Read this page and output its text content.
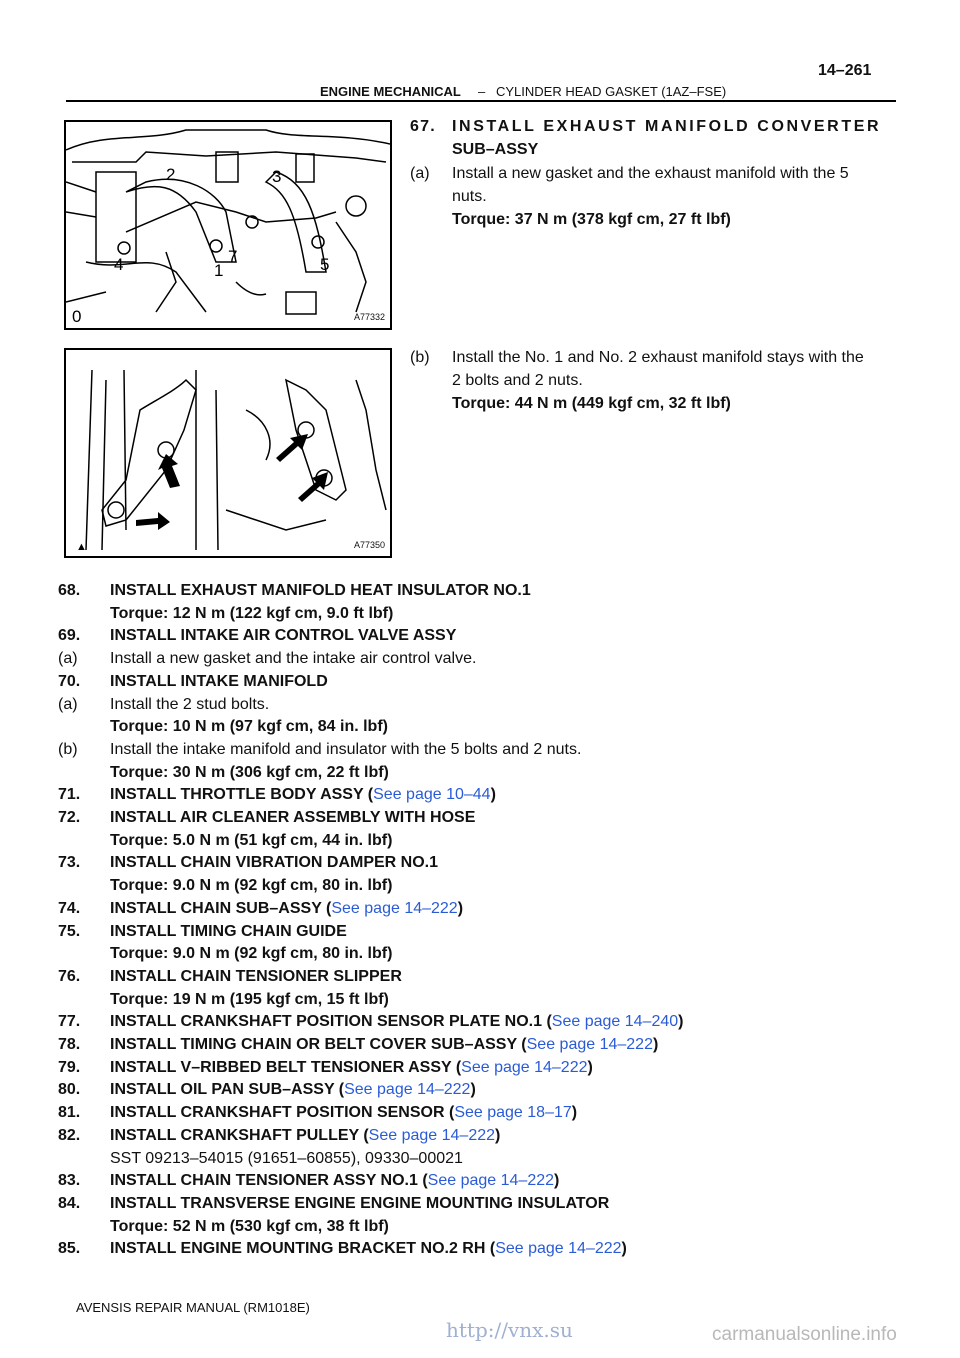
14–261
ENGINE MECHANICAL – CYLINDER HEAD GASKET (1AZ–FSE)
2	3
7
4	1	5
0	A77332
▲	A77350
67. INSTALL EXHAUST MANIFOLD CONVERTER
SUB–ASSY
(a) Install a new gasket and the exhaust manifold with the 5
nuts.
Torque: 37 N m (378 kgf cm, 27 ft lbf)
(b) Install the No. 1 and No. 2 exhaust manifold stays with the
2 bolts and 2 nuts.
Torque: 44 N m (449 kgf cm, 32 ft lbf)
68. INSTALL EXHAUST MANIFOLD HEAT INSULATOR NO.1
Torque: 12 N m (122 kgf cm, 9.0 ft lbf)
69. INSTALL INTAKE AIR CONTROL VALVE ASSY
(a) Install a new gasket and the intake air control valve.
70. INSTALL INTAKE MANIFOLD
(a) Install the 2 stud bolts.
Torque: 10 N m (97 kgf cm, 84 in. lbf)
(b) Install the intake manifold and insulator with the 5 bolts and 2 nuts.
Torque: 30 N m (306 kgf cm, 22 ft lbf)
71. INSTALL THROTTLE BODY ASSY (See page 10–44)
72. INSTALL AIR CLEANER ASSEMBLY WITH HOSE
Torque: 5.0 N m (51 kgf cm, 44 in. lbf)
73. INSTALL CHAIN VIBRATION DAMPER NO.1
Torque: 9.0 N m (92 kgf cm, 80 in. lbf)
74. INSTALL CHAIN SUB–ASSY (See page 14–222)
75. INSTALL TIMING CHAIN GUIDE
Torque: 9.0 N m (92 kgf cm, 80 in. lbf)
76. INSTALL CHAIN TENSIONER SLIPPER
Torque: 19 N m (195 kgf cm, 15 ft lbf)
77. INSTALL CRANKSHAFT POSITION SENSOR PLATE NO.1 (See page 14–240)
78. INSTALL TIMING CHAIN OR BELT COVER SUB–ASSY (See page 14–222)
79. INSTALL V–RIBBED BELT TENSIONER ASSY (See page 14–222)
80. INSTALL OIL PAN SUB–ASSY (See page 14–222)
81. INSTALL CRANKSHAFT POSITION SENSOR (See page 18–17)
82. INSTALL CRANKSHAFT PULLEY (See page 14–222)
SST 09213–54015 (91651–60855), 09330–00021
83. INSTALL CHAIN TENSIONER ASSY NO.1 (See page 14–222)
84. INSTALL TRANSVERSE ENGINE ENGINE MOUNTING INSULATOR
Torque: 52 N m (530 kgf cm, 38 ft lbf)
85. INSTALL ENGINE MOUNTING BRACKET NO.2 RH (See page 14–222)
AVENSIS REPAIR MANUAL (RM1018E)
http://vnx.su	carmanualsonline.info
